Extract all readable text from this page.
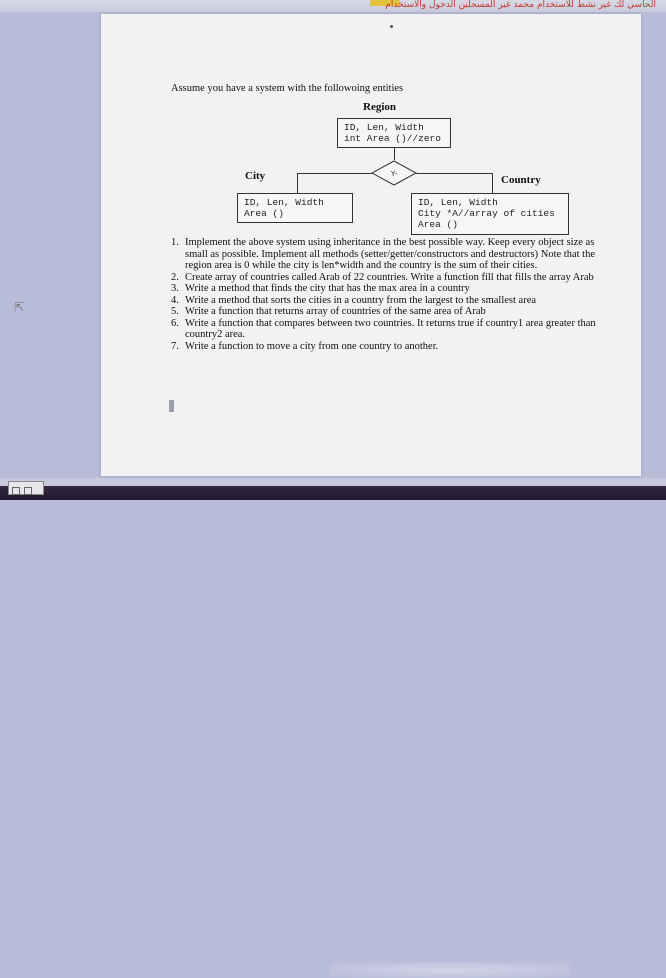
الحاسي لك غير نشط للاستخدام محمد غير المسجلين الدخول والاستخدام
Assume you have a system with the followoing entities
Region
ID, Len, Width
int Area ()//zero
Y-
City
ID, Len, Width
Area ()
Country
ID, Len, Width
City *A//array of cities
Area ()

1. Implement the above system using inheritance in the best possible way. Keep every object size as small as possible. Implement all methods (setter/getter/constructors and destructors) Note that the region area is 0 while the city is len*width and the country is the sum of their cities.

2. Create array of countries called Arab of 22 countries. Write a function fill that fills the array Arab

3. Write a method that finds the city that has the max area in a country

4. Write a method that sorts the cities in a country from the largest to the smallest area

5. Write a function that returns array of countries of the same area of Arab

6. Write a function that compares between two countries. It returns true if country1 area greater than country2 area.

7. Write a function to move a city from one country to another.

⇱
